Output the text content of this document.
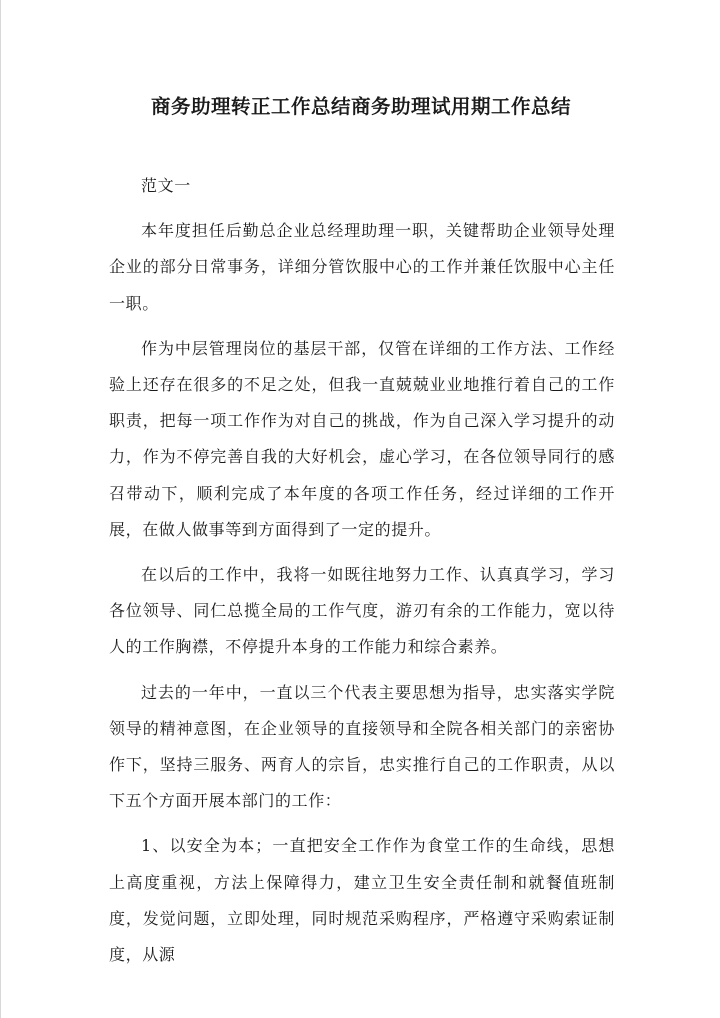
商务助理转正工作总结商务助理试用期工作总结

范文一

本年度担任后勤总企业总经理助理一职，关键帮助企业领导处理企业的部分日常事务，详细分管饮服中心的工作并兼任饮服中心主任一职。

作为中层管理岗位的基层干部，仅管在详细的工作方法、工作经验上还存在很多的不足之处，但我一直兢兢业业地推行着自己的工作职责，把每一项工作作为对自己的挑战，作为自己深入学习提升的动力，作为不停完善自我的大好机会，虚心学习，在各位领导同行的感召带动下，顺利完成了本年度的各项工作任务，经过详细的工作开展，在做人做事等到方面得到了一定的提升。

在以后的工作中，我将一如既往地努力工作、认真真学习，学习各位领导、同仁总揽全局的工作气度，游刃有余的工作能力，宽以待人的工作胸襟，不停提升本身的工作能力和综合素养。

过去的一年中，一直以三个代表主要思想为指导，忠实落实学院领导的精神意图，在企业领导的直接领导和全院各相关部门的亲密协作下，坚持三服务、两育人的宗旨，忠实推行自己的工作职责，从以下五个方面开展本部门的工作：

1、以安全为本；一直把安全工作作为食堂工作的生命线，思想上高度重视，方法上保障得力，建立卫生安全责任制和就餐值班制度，发觉问题，立即处理，同时规范采购程序，严格遵守采购索证制度，从源
